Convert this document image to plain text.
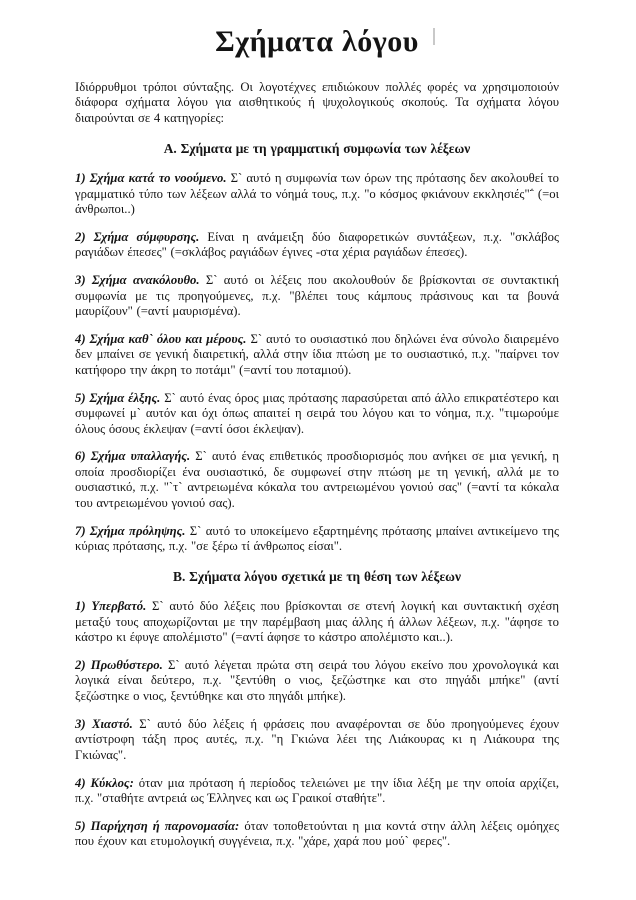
Σχήματα λόγου

Ιδιόρρυθμοι τρόποι σύνταξης. Οι λογοτέχνες επιδιώκουν πολλές φορές να χρησιμοποιούν διάφορα σχήματα λόγου για αισθητικούς ή ψυχολογικούς σκοπούς. Τα σχήματα λόγου διαιρούνται σε 4 κατηγορίες:

Α. Σχήματα με τη γραμματική συμφωνία των λέξεων

1) Σχήμα κατά το νοούμενο. Σ` αυτό η συμφωνία των όρων της πρότασης δεν ακολουθεί το γραμματικό τύπο των λέξεων αλλά το νόημά τους, π.χ. "ο κόσμος φκιάνουν εκκλησιές"΅ (=οι άνθρωποι..)

2) Σχήμα σύμφυρσης. Είναι η ανάμειξη δύο διαφορετικών συντάξεων, π.χ. "σκλάβος ραγιάδων έπεσες" (=σκλάβος ραγιάδων έγινες -στα χέρια ραγιάδων έπεσες).

3) Σχήμα ανακόλουθο. Σ` αυτό οι λέξεις που ακολουθούν δε βρίσκονται σε συντακτική συμφωνία με τις προηγούμενες, π.χ. "βλέπει τους κάμπους πράσινους και τα βουνά μαυρίζουν" (=αντί μαυρισμένα).

4) Σχήμα καθ` όλου και μέρους. Σ` αυτό το ουσιαστικό που δηλώνει ένα σύνολο διαιρεμένο δεν μπαίνει σε γενική διαιρετική, αλλά στην ίδια πτώση με το ουσιαστικό, π.χ. "παίρνει τον κατήφορο την άκρη το ποτάμι" (=αντί του ποταμιού).

5) Σχήμα έλξης. Σ` αυτό ένας όρος μιας πρότασης παρασύρεται από άλλο επικρατέστερο και συμφωνεί μ` αυτόν και όχι όπως απαιτεί η σειρά του λόγου και το νόημα, π.χ. "τιμωρούμε όλους όσους έκλεψαν (=αντί όσοι έκλεψαν).

6) Σχήμα υπαλλαγής. Σ` αυτό ένας επιθετικός προσδιορισμός που ανήκει σε μια γενική, η οποία προσδιορίζει ένα ουσιαστικό, δε συμφωνεί στην πτώση με τη γενική, αλλά με το ουσιαστικό, π.χ. "`τ` αντρειωμένα κόκαλα του αντρειωμένου γονιού σας" (=αντί τα κόκαλα του αντρειωμένου γονιού σας).

7) Σχήμα πρόληψης. Σ` αυτό το υποκείμενο εξαρτημένης πρότασης μπαίνει αντικείμενο της κύριας πρότασης, π.χ. "σε ξέρω τί άνθρωπος είσαι".

Β. Σχήματα λόγου σχετικά με τη θέση των λέξεων

1) Υπερβατό. Σ` αυτό δύο λέξεις που βρίσκονται σε στενή λογική και συντακτική σχέση μεταξύ τους αποχωρίζονται με την παρέμβαση μιας άλλης ή άλλων λέξεων, π.χ. "άφησε το κάστρο κι έφυγε απολέμιστο" (=αντί άφησε το κάστρο απολέμιστο και..).

2) Πρωθύστερο. Σ` αυτό λέγεται πρώτα στη σειρά του λόγου εκείνο που χρονολογικά και λογικά είναι δεύτερο, π.χ. "ξεντύθη ο νιος, ξεζώστηκε και στο πηγάδι μπήκε" (αντί ξεζώστηκε ο νιος, ξεντύθηκε και στο πηγάδι μπήκε).

3) Χιαστό. Σ` αυτό δύο λέξεις ή φράσεις που αναφέρονται σε δύο προηγούμενες έχουν αντίστροφη τάξη προς αυτές, π.χ. "η Γκιώνα λέει της Λιάκουρας κι η Λιάκουρα της Γκιώνας".

4) Κύκλος: όταν μια πρόταση ή περίοδος τελειώνει με την ίδια λέξη με την οποία αρχίζει, π.χ. "σταθήτε αντρειά ως Έλληνες και ως Γραικοί σταθήτε".

5) Παρήχηση ή παρονομασία: όταν τοποθετούνται η μια κοντά στην άλλη λέξεις ομόηχες που έχουν και ετυμολογική συγγένεια, π.χ. "χάρε, χαρά που μού` φερες".
